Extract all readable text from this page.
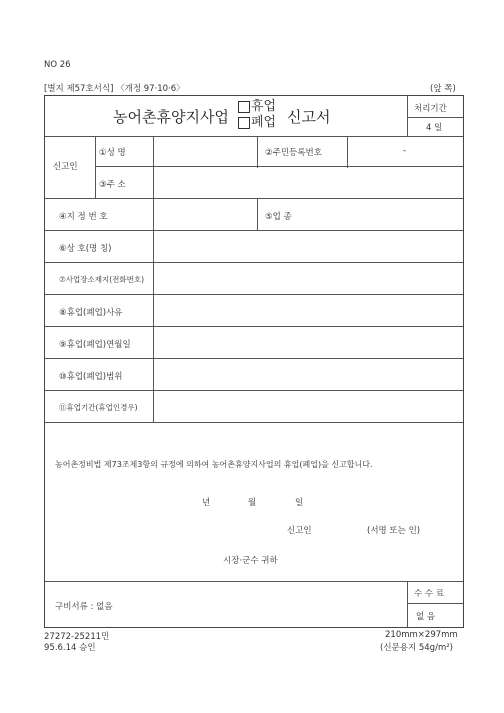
NO 26
[별지 제57호서식] 〈개정 97·10·6〉	(앞 쪽)
농어촌휴양지사업
휴업
폐업 신고서	처리기간
4 일
신고인
①성 명	②주민등록번호	-
③주 소
④지 정 번 호	⑤업 종
⑥상 호(명 칭)
⑦사업장소재지(전화번호)
⑧휴업(폐업)사유
⑨휴업(폐업)연월일
⑩휴업(폐업)범위
⑪휴업기간(휴업인경우)
농어촌정비법 제73조제3항의 규정에 의하여 농어촌휴양지사업의 휴업(폐업)을 신고합니다.
년	월	일
신고인	(서명 또는 인)
시장·군수 귀하
구비서류 : 없음
수 수 료
없 음
27272-25211민
95.6.14 승인
210mm×297mm
(신문용지 54g/m²)
